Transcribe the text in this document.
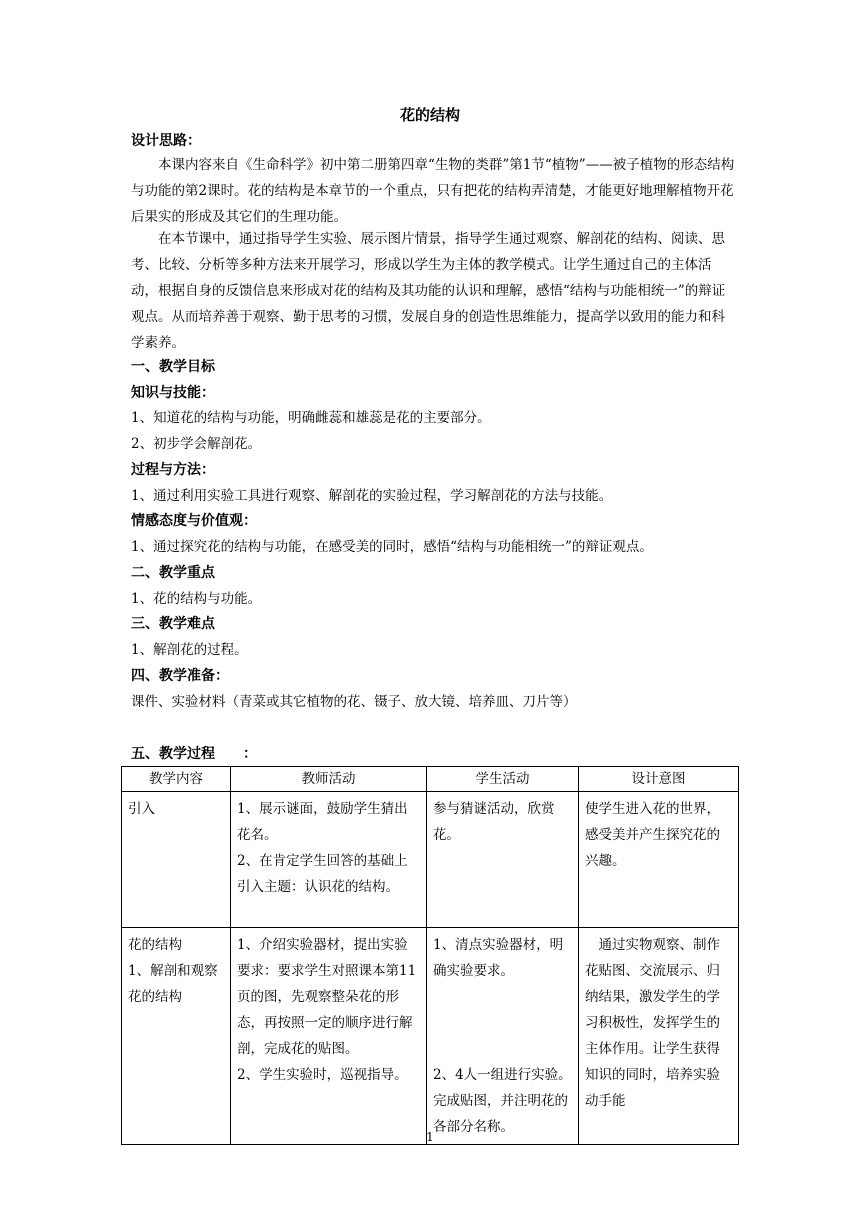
花的结构
设计思路：
本课内容来自《生命科学》初中第二册第四章“生物的类群”第1节“植物”——被子植物的形态结构与功能的第2课时。花的结构是本章节的一个重点，只有把花的结构弄清楚，才能更好地理解植物开花后果实的形成及其它们的生理功能。
在本节课中，通过指导学生实验、展示图片情景，指导学生通过观察、解剖花的结构、阅读、思考、比较、分析等多种方法来开展学习，形成以学生为主体的教学模式。让学生通过自己的主体活动，根据自身的反馈信息来形成对花的结构及其功能的认识和理解，感悟“结构与功能相统一”的辩证观点。从而培养善于观察、勤于思考的习惯，发展自身的创造性思维能力，提高学以致用的能力和科学素养。
一、教学目标
知识与技能：
1、知道花的结构与功能，明确雌蕊和雄蕊是花的主要部分。
2、初步学会解剖花。
过程与方法：
1、通过利用实验工具进行观察、解剖花的实验过程，学习解剖花的方法与技能。
情感态度与价值观：
1、通过探究花的结构与功能，在感受美的同时，感悟“结构与功能相统一”的辩证观点。
二、教学重点
1、花的结构与功能。
三、教学难点
1、解剖花的过程。
四、教学准备：
课件、实验材料（青菜或其它植物的花、镊子、放大镜、培养皿、刀片等）
五、教学过程　　：
教学内容	教师活动	学生活动	设计意图
引入	1、展示谜面，鼓励学生猜出花名。
2、在肯定学生回答的基础上引入主题：认识花的结构。	参与猜谜活动，欣赏花。	使学生进入花的世界，感受美并产生探究花的兴趣。
花的结构
1、解剖和观察花的结构	1、介绍实验器材，提出实验要求：要求学生对照课本第11页的图，先观察整朵花的形态，再按照一定的顺序进行解剖，完成花的贴图。
2、学生实验时，巡视指导。	1、清点实验器材，明确实验要求。

2、4人一组进行实验。完成贴图，并注明花的各部分名称。	　通过实物观察、制作花贴图、交流展示、归纳结果，激发学生的学习积极性，发挥学生的主体作用。让学生获得知识的同时，培养实验动手能
1
